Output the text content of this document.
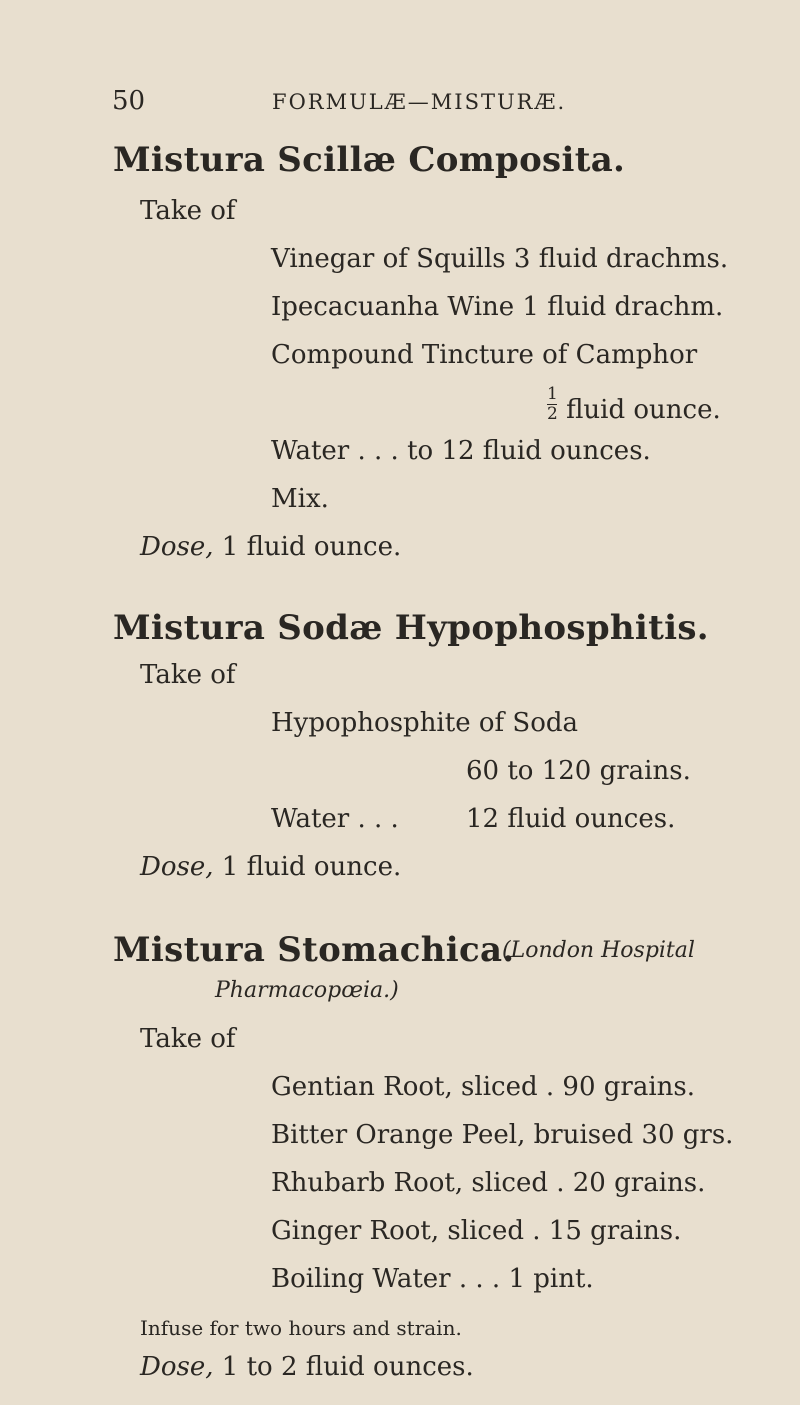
50	FORMULÆ—MISTURÆ.
Mistura Scillæ Composita.
Take of
Vinegar of Squills 3 fluid drachms.
Ipecacuanha Wine 1 fluid drachm.
Compound Tincture of Camphor
$\frac{1}{2}$ fluid ounce.
Water . . . to 12 fluid ounces.
Mix.
Dose, 1 fluid ounce.
Mistura Sodæ Hypophosphitis.
Take of
Hypophosphite of Soda
60 to 120 grains.
Water . . .	12 fluid ounces.
Dose, 1 fluid ounce.
Mistura Stomachica.
(London Hospital
Pharmacopœia.)
Take of
Gentian Root, sliced . 90 grains.
Bitter Orange Peel, bruised 30 grs.
Rhubarb Root, sliced . 20 grains.
Ginger Root, sliced . 15 grains.
Boiling Water . . . 1 pint.
Infuse for two hours and strain.
Dose, 1 to 2 fluid ounces.
